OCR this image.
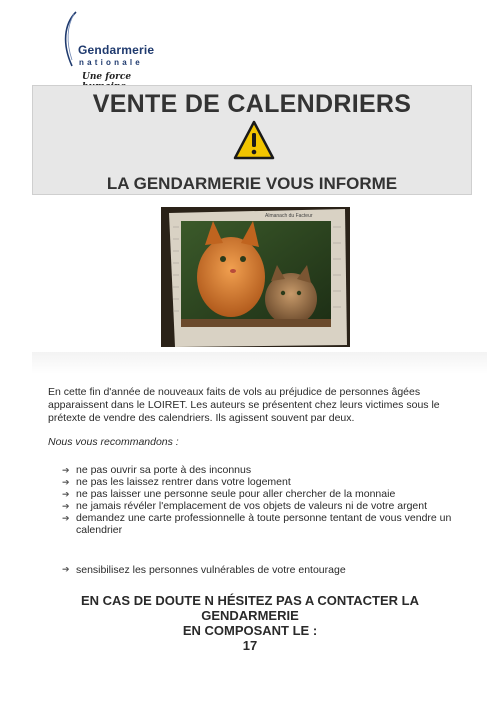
Gendarmerie
nationale
Une force
VENTE DE CALENDRIERS
LA GENDARMERIE VOUS INFORME
Almanach du Facteur
En cette fin d'année de nouveaux faits de vols au préjudice de personnes âgées apparaissent dans le LOIRET. Les auteurs se présentent chez leurs victimes sous le prétexte de vendre des calendriers. Ils agissent souvent par deux.
Nous vous recommandons :
➔ ne pas ouvrir sa porte à des inconnus
➔ ne pas les laissez rentrer dans votre logement
➔ ne pas laisser une personne seule pour aller chercher de la monnaie
➔ ne jamais révéler l'emplacement de vos objets de valeurs ni de votre argent
➔ demandez une carte professionnelle à toute personne tentant de vous vendre un calendrier
➔ sensibilisez les personnes vulnérables de votre entourage
EN CAS DE DOUTE N HÉSITEZ PAS A CONTACTER LA
GENDARMERIE
EN COMPOSANT LE :
17
